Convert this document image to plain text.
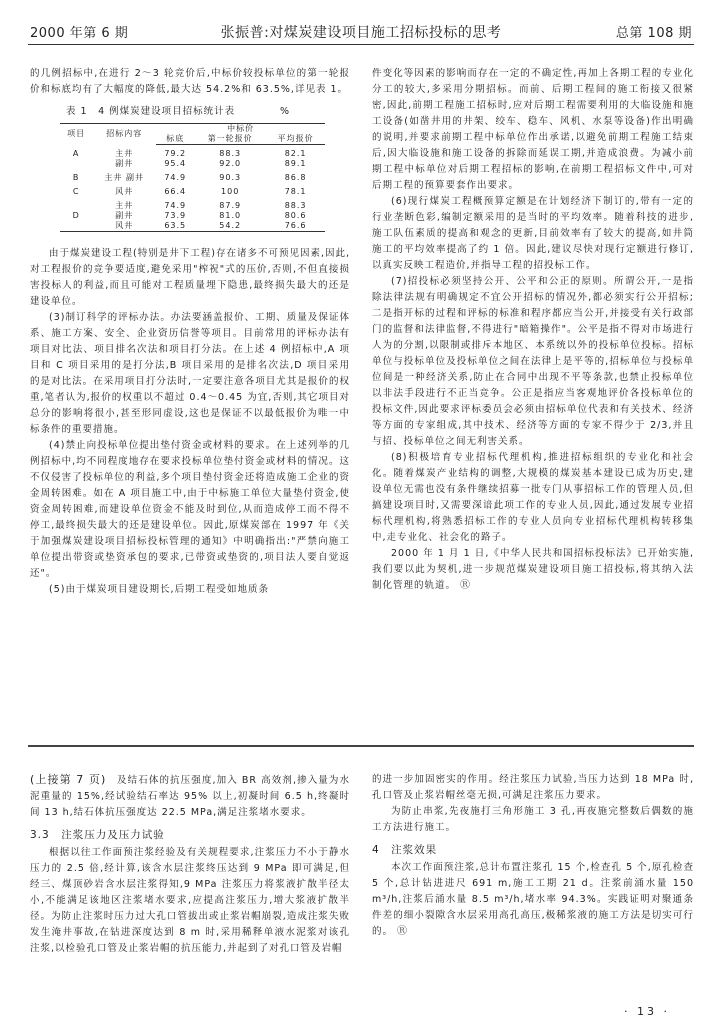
2000 年第 6 期	张振普:对煤炭建设项目施工招标投标的思考	总第 108 期

的几例招标中,在进行 2～3 轮竞价后,中标价较投标单位的第一轮报价和标底均有了大幅度的降低,最大达 54.2%和 63.5%,详见表 1。

表 1　4 例煤炭建设项目招标统计表	%
项目	招标内容	中标价		
		标底	第一轮报价	平均报价
A	主井	79.2	88.3	82.1
	副井	95.4	92.0	89.1
B	主井 副井	74.9	90.3	86.8
C	风井	66.4	100	78.1
	主井	74.9	87.9	88.3
D	副井	73.9	81.0	80.6
	风井	63.5	54.2	76.6

由于煤炭建设工程(特别是井下工程)存在诸多不可预见因素,因此,对工程报价的竞争要适度,避免采用"榨祝"式的压价,否则,不但直接损害投标人的利益,而且可能对工程质量埋下隐患,最终损失最大的还是建设单位。

(3)制订科学的评标办法。办法要涵盖报价、工期、质量及保证体系、施工方案、安全、企业资历信誉等项目。目前常用的评标办法有项目对比法、项目排名次法和项目打分法。在上述 4 例招标中,A 项目和 C 项目采用的是打分法,B 项目采用的是排名次法,D 项目采用的是对比法。在采用项目打分法时,一定要注意各项目尤其是报价的权重,笔者认为,报价的权重以不超过 0.4～0.45 为宜,否则,其它项目对总分的影响将很小,甚至形同虚设,这也是保证不以最低报价为唯一中标条件的重要措施。

(4)禁止向投标单位提出垫付资金或材料的要求。在上述列举的几例招标中,均不同程度地存在要求投标单位垫付资金或材料的情况。这不仅侵害了投标单位的利益,多个项目垫付资金还将造成施工企业的资金周转困难。如在 A 项目施工中,由于中标施工单位大量垫付资金,使资金周转困难,而建设单位资金不能及时到位,从而造成停工而不得不停工,最终损失最大的还是建设单位。因此,原煤炭部在 1997 年《关于加强煤炭建设项目招标投标管理的通知》中明确指出:"严禁向施工单位提出带资或垫资承包的要求,已带资或垫资的,项目法人要自觉返还"。

(5)由于煤炭项目建设期长,后期工程受如地质条

件变化等因素的影响而存在一定的不确定性,再加上各期工程的专业化分工的较大,多采用分期招标。而前、后期工程间的施工衔接又很紧密,因此,前期工程施工招标时,应对后期工程需要利用的大临设施和施工设备(如凿井用的井架、绞车、稳车、风机、水泵等设备)作出明确的说明,并要求前期工程中标单位作出承诺,以避免前期工程施工结束后,因大临设施和施工设备的拆除而延误工期,并造成浪费。为减小前期工程中标单位对后期工程招标的影响,在前期工程招标文件中,可对后期工程的预算要套作出要求。

(6)现行煤炭工程概预算定额是在计划经济下制订的,带有一定的行业垄断色彩,编制定额采用的是当时的平均效率。随着科技的进步,施工队伍素质的提高和观念的更新,目前效率有了较大的提高,如井筒施工的平均效率提高了约 1 倍。因此,建议尽快对现行定额进行修订,以真实反映工程造价,并指导工程的招投标工作。

(7)招投标必须坚持公开、公平和公正的原则。所谓公开,一是指除法律法规有明确规定不宜公开招标的情况外,都必须实行公开招标;二是指开标的过程和评标的标准和程序都应当公开,并接受有关行政部门的监督和法律监督,不得进行"暗箱操作"。公平是指不得对市场进行人为的分割,以限制或排斥本地区、本系统以外的投标单位投标。招标单位与投标单位及投标单位之间在法律上是平等的,招标单位与投标单位间是一种经济关系,防止在合同中出现不平等条款,也禁止投标单位以非法手段进行不正当竞争。公正是指应当客观地评价各投标单位的投标文件,因此要求评标委员会必须由招标单位代表和有关技术、经济等方面的专家组成,其中技术、经济等方面的专家不得少于 2/3,并且与招、投标单位之间无利害关系。

(8)积极培育专业招标代理机构,推进招标组织的专业化和社会化。随着煤炭产业结构的调整,大规模的煤炭基本建设已成为历史,建设单位无需也没有条件继续招募一批专门从事招标工作的管理人员,但搞建设项目时,又需要深谙此项工作的专业人员,因此,通过发展专业招标代理机构,将熟悉招标工作的专业人员向专业招标代理机构转移集中,走专业化、社会化的路子。

2000 年 1 月 1 日,《中华人民共和国招标投标法》已开始实施,我们要以此为契机,进一步规范煤炭建设项目施工招投标,将其纳入法制化管理的轨道。 Ⓡ

(上接第 7 页)　 及结石体的抗压强度,加入 BR 高效剂,掺入量为水泥重量的 15%,经试验结石率达 95% 以上,初凝时间 6.5 h,终凝时间 13 h,结石体抗压强度达 22.5 MPa,满足注浆堵水要求。

3.3　注浆压力及压力试验

根据以往工作面预注浆经验及有关规程要求,注浆压力不小于静水压力的 2.5 倍,经计算,该含水层注浆终压达到 9 MPa 即可满足,但经三、煤顶砂岩含水层注浆得知,9 MPa 注浆压力将浆液扩散半径太小,不能满足该地区注浆堵水要求,应提高注浆压力,增大浆液扩散半径。为防止注浆时压力过大孔口管拔出或止浆岩帽崩裂,造成注浆失败发生淹井事故,在钻进深度达到 8 m 时,采用稀释单液水泥浆对该孔注浆,以检验孔口管及止浆岩帽的抗压能力,并起到了对孔口管及岩帽

的进一步加固密实的作用。经注浆压力试验,当压力达到 18 MPa 时,孔口管及止浆岩帽丝毫无损,可满足注浆压力要求。

为防止串浆,先夜施打三角形施工 3 孔,再夜施完整数后偶数的施工方法进行施工。

4　注浆效果

本次工作面预注浆,总计布置注浆孔 15 个,检查孔 5 个,原孔检查 5 个,总计钻进进尺 691 m,施工工期 21 d。注浆前涌水量 150 m³/h,注浆后涌水量 8.5 m³/h,堵水率 94.3%。实践证明对聚通条件差的细小裂隙含水层采用高孔高压,极稀浆液的施工方法是切实可行的。 Ⓡ

· 13 ·
